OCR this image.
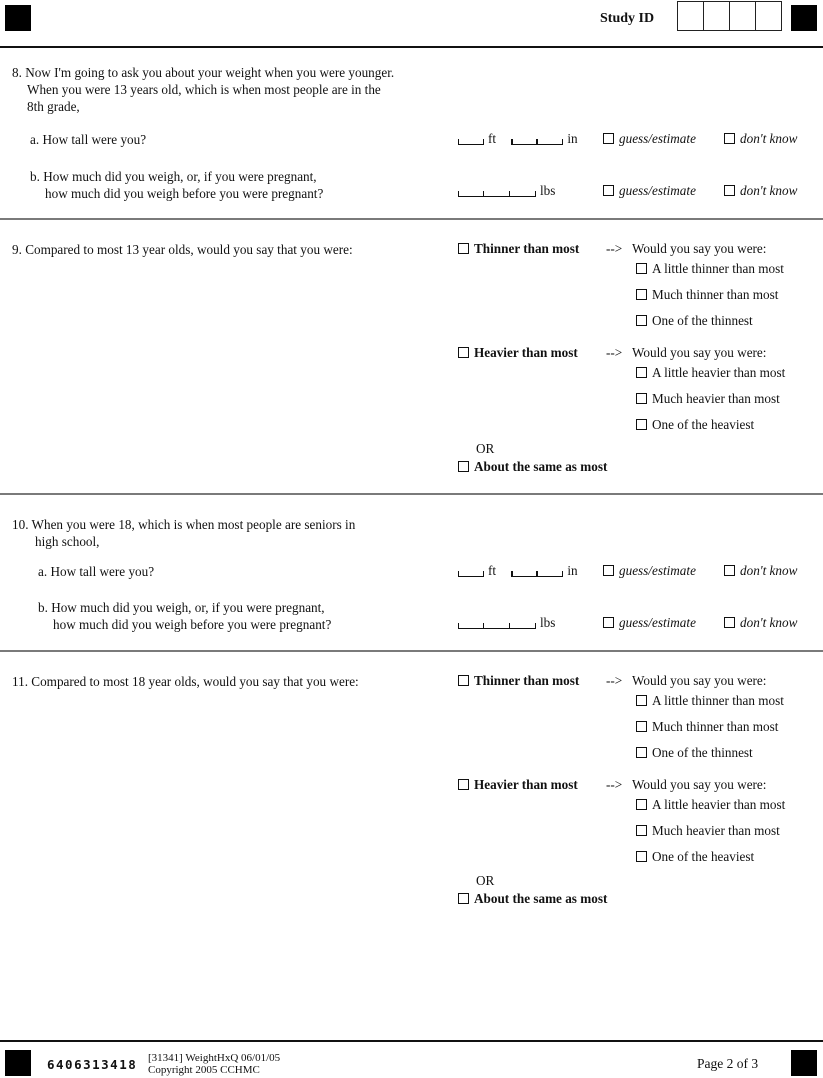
Study ID
8. Now I'm going to ask you about your weight when you were younger.
When you were 13 years old, which is when most people are in the
8th grade,
a. How tall were you?	ft	in	guess/estimate	don't know
b. How much did you weigh, or, if you were pregnant,
how much did you weigh before you were pregnant?	lbs	guess/estimate	don't know
9. Compared to most 13 year olds, would you say that you were:	Thinner than most --> Would you say you were:
A little thinner than most
Much thinner than most
One of the thinnest
Heavier than most --> Would you say you were:
A little heavier than most
Much heavier than most
One of the heaviest
OR
About the same as most
10. When you were 18, which is when most people are seniors in
high school,
a. How tall were you?	ft	in	guess/estimate	don't know
b. How much did you weigh, or, if you were pregnant,
how much did you weigh before you were pregnant?	lbs	guess/estimate	don't know
11. Compared to most 18 year olds, would you say that you were:	Thinner than most --> Would you say you were:
A little thinner than most
Much thinner than most
One of the thinnest
Heavier than most --> Would you say you were:
A little heavier than most
Much heavier than most
One of the heaviest
OR
About the same as most
6406313418 [31341] WeightHxQ 06/01/05
Copyright 2005 CCHMC	Page 2 of 3
